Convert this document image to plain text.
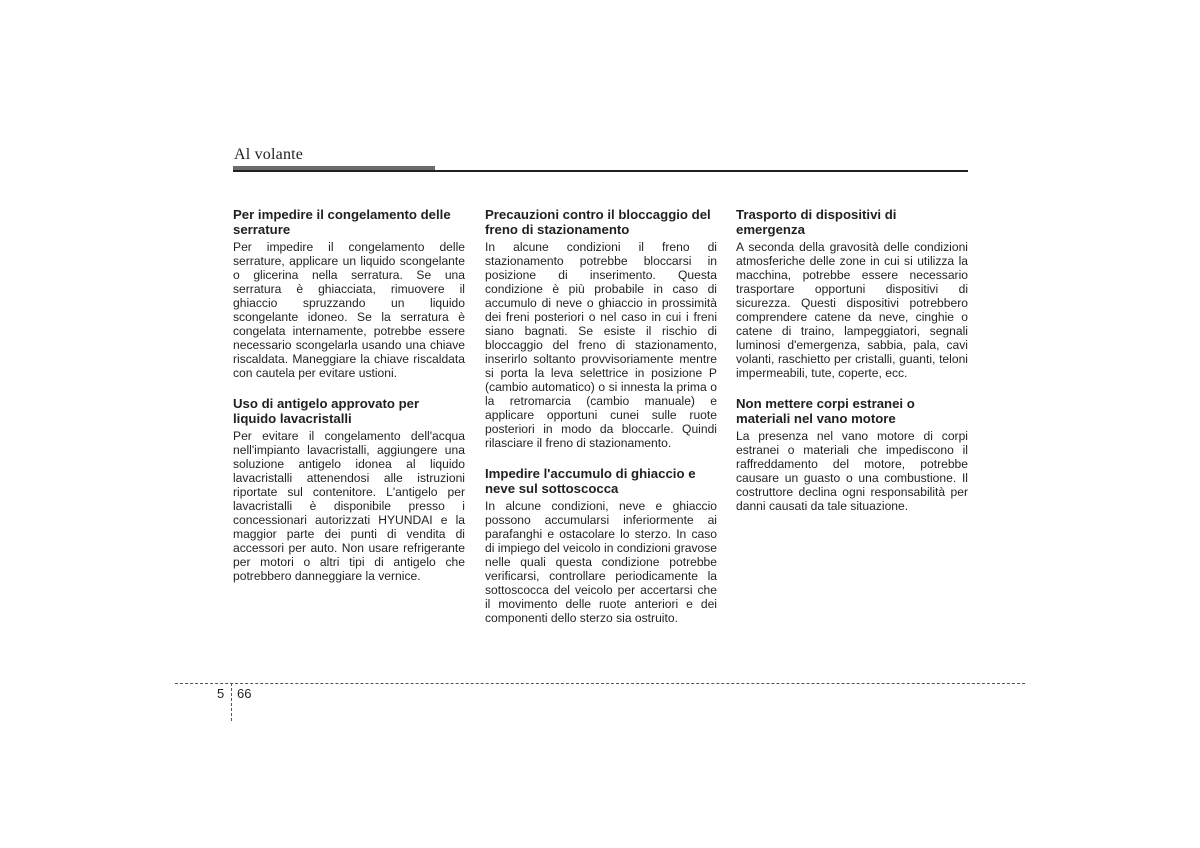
Al volante
Per impedire il congelamento delle serrature

Per impedire il congelamento delle serrature, applicare un liquido scongelante o glicerina nella serratura. Se una serratura è ghiacciata, rimuovere il ghiaccio spruzzando un liquido scongelante idoneo. Se la serratura è congelata internamente, potrebbe essere necessario scongelarla usando una chiave riscaldata. Maneggiare la chiave riscaldata con cautela per evitare ustioni.

Uso di antigelo approvato per liquido lavacristalli

Per evitare il congelamento dell'acqua nell'impianto lavacristalli, aggiungere una soluzione antigelo idonea al liquido lavacristalli attenendosi alle istruzioni riportate sul contenitore. L'antigelo per lavacristalli è disponibile presso i concessionari autorizzati HYUNDAI e la maggior parte dei punti di vendita di accessori per auto. Non usare refrigerante per motori o altri tipi di antigelo che potrebbero danneggiare la vernice.

Precauzioni contro il bloccaggio del freno di stazionamento

In alcune condizioni il freno di stazionamento potrebbe bloccarsi in posizione di inserimento. Questa condizione è più probabile in caso di accumulo di neve o ghiaccio in prossimità dei freni posteriori o nel caso in cui i freni siano bagnati. Se esiste il rischio di bloccaggio del freno di stazionamento, inserirlo soltanto provvisoriamente mentre si porta la leva selettrice in posizione P (cambio automatico) o si innesta la prima o la retromarcia (cambio manuale) e applicare opportuni cunei sulle ruote posteriori in modo da bloccarle. Quindi rilasciare il freno di stazionamento.

Impedire l'accumulo di ghiaccio e neve sul sottoscocca

In alcune condizioni, neve e ghiaccio possono accumularsi inferiormente ai parafanghi e ostacolare lo sterzo. In caso di impiego del veicolo in condizioni gravose nelle quali questa condizione potrebbe verificarsi, controllare periodicamente la sottoscocca del veicolo per accertarsi che il movimento delle ruote anteriori e dei componenti dello sterzo sia ostruito.

Trasporto di dispositivi di emergenza

A seconda della gravosità delle condizioni atmosferiche delle zone in cui si utilizza la macchina, potrebbe essere necessario trasportare opportuni dispositivi di sicurezza. Questi dispositivi potrebbero comprendere catene da neve, cinghie o catene di traino, lampeggiatori, segnali luminosi d'emergenza, sabbia, pala, cavi volanti, raschietto per cristalli, guanti, teloni impermeabili, tute, coperte, ecc.

Non mettere corpi estranei o materiali nel vano motore

La presenza nel vano motore di corpi estranei o materiali che impediscono il raffreddamento del motore, potrebbe causare un guasto o una combustione. Il costruttore declina ogni responsabilità per danni causati da tale situazione.

5 66
